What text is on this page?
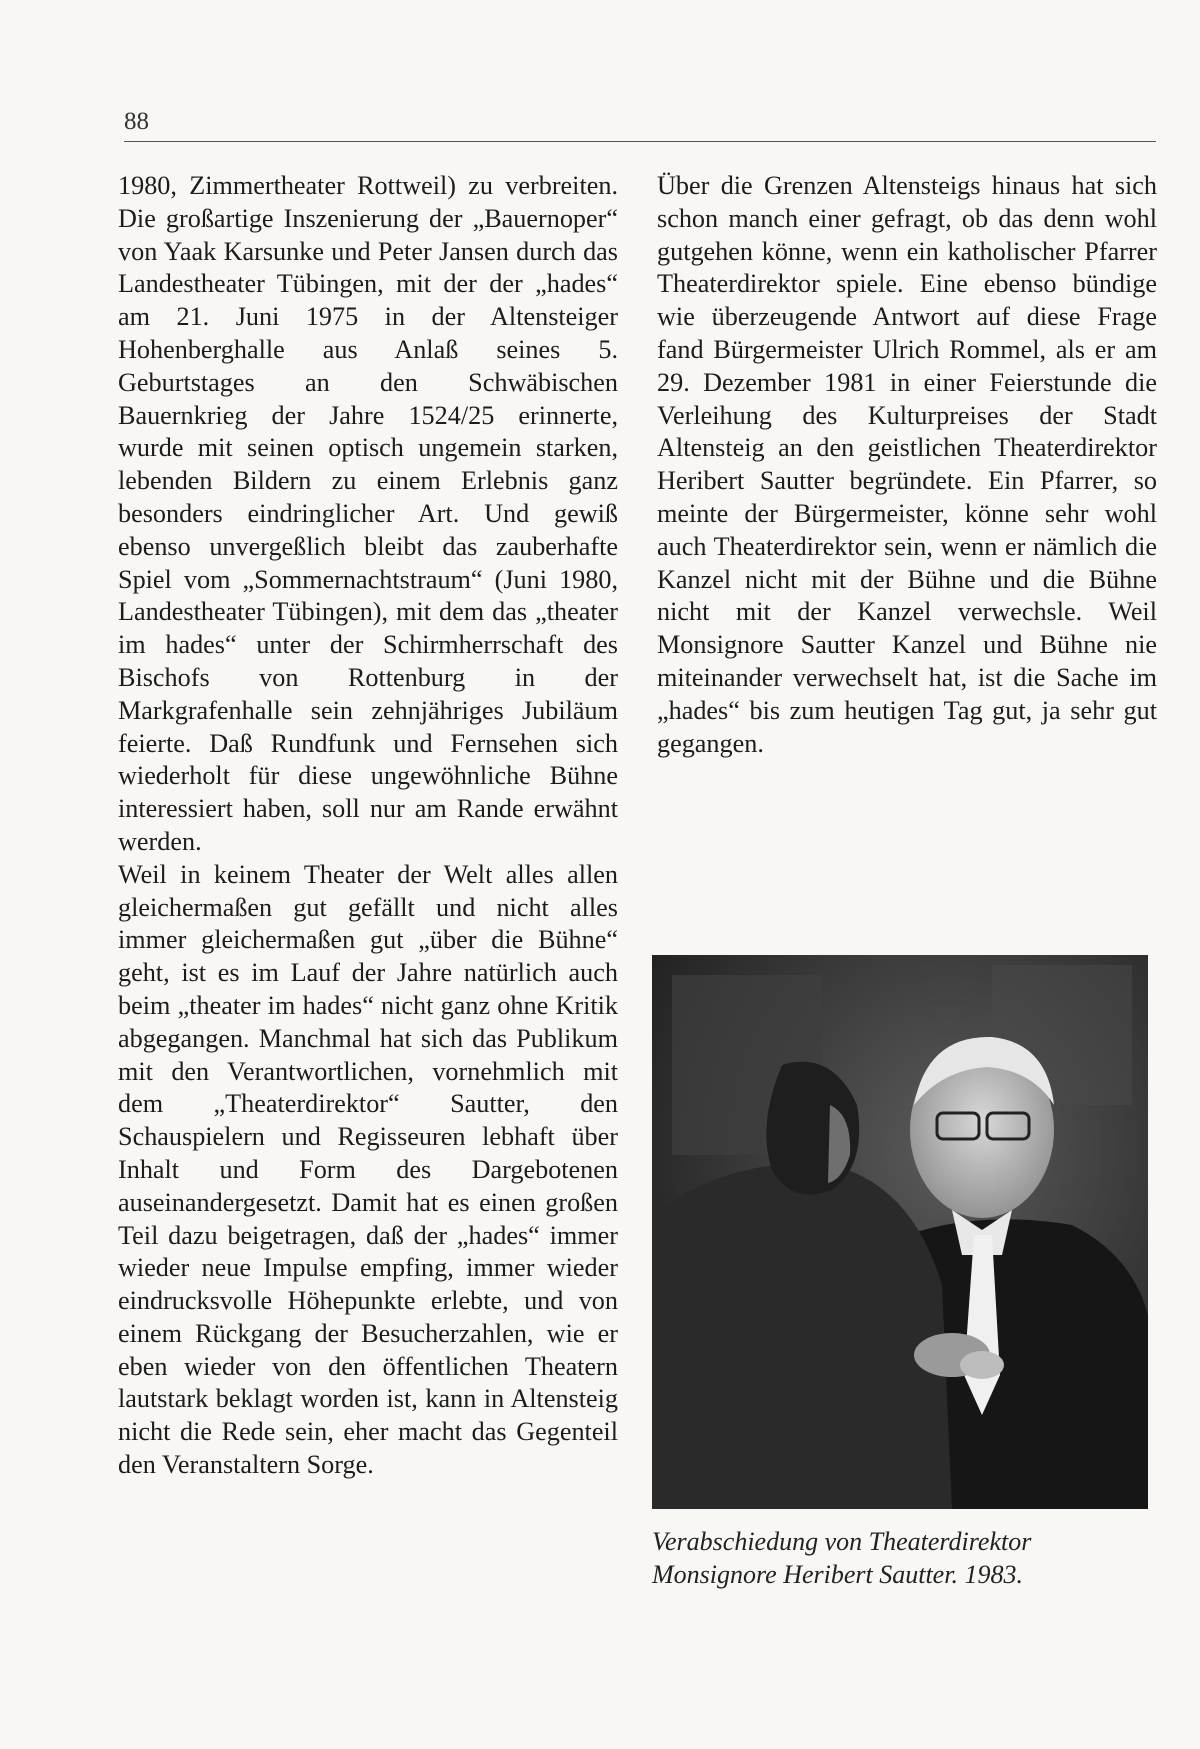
88

1980, Zimmertheater Rottweil) zu verbreiten. Die großartige Inszenierung der „Bauernoper“ von Yaak Karsunke und Peter Jansen durch das Landestheater Tübingen, mit der der „hades“ am 21. Juni 1975 in der Altensteiger Hohenberghalle aus Anlaß seines 5. Geburtstages an den Schwäbischen Bauernkrieg der Jahre 1524/25 erinnerte, wurde mit seinen optisch ungemein starken, lebenden Bildern zu einem Erlebnis ganz besonders eindringlicher Art. Und gewiß ebenso unvergeßlich bleibt das zauberhafte Spiel vom „Sommernachtstraum“ (Juni 1980, Landestheater Tübingen), mit dem das „theater im hades“ unter der Schirmherrschaft des Bischofs von Rottenburg in der Markgrafenhalle sein zehnjähriges Jubiläum feierte. Daß Rundfunk und Fernsehen sich wiederholt für diese ungewöhnliche Bühne interessiert haben, soll nur am Rande erwähnt werden.

Weil in keinem Theater der Welt alles allen gleichermaßen gut gefällt und nicht alles immer gleichermaßen gut „über die Bühne“ geht, ist es im Lauf der Jahre natürlich auch beim „theater im hades“ nicht ganz ohne Kritik abgegangen. Manchmal hat sich das Publikum mit den Verantwortlichen, vornehmlich mit dem „Theaterdirektor“ Sautter, den Schauspielern und Regisseuren lebhaft über Inhalt und Form des Dargebotenen auseinandergesetzt. Damit hat es einen großen Teil dazu beigetragen, daß der „hades“ immer wieder neue Impulse empfing, immer wieder eindrucksvolle Höhepunkte erlebte, und von einem Rückgang der Besucherzahlen, wie er eben wieder von den öffentlichen Theatern lautstark beklagt worden ist, kann in Altensteig nicht die Rede sein, eher macht das Gegenteil den Veranstaltern Sorge.

Über die Grenzen Altensteigs hinaus hat sich schon manch einer gefragt, ob das denn wohl gutgehen könne, wenn ein katholischer Pfarrer Theaterdirektor spiele. Eine ebenso bündige wie überzeugende Antwort auf diese Frage fand Bürgermeister Ulrich Rommel, als er am 29. Dezember 1981 in einer Feierstunde die Verleihung des Kulturpreises der Stadt Altensteig an den geistlichen Theaterdirektor Heribert Sautter begründete. Ein Pfarrer, so meinte der Bürgermeister, könne sehr wohl auch Theaterdirektor sein, wenn er nämlich die Kanzel nicht mit der Bühne und die Bühne nicht mit der Kanzel verwechsle. Weil Monsignore Sautter Kanzel und Bühne nie miteinander verwechselt hat, ist die Sache im „hades“ bis zum heutigen Tag gut, ja sehr gut gegangen.

Verabschiedung von Theaterdirektor
Monsignore Heribert Sautter. 1983.
